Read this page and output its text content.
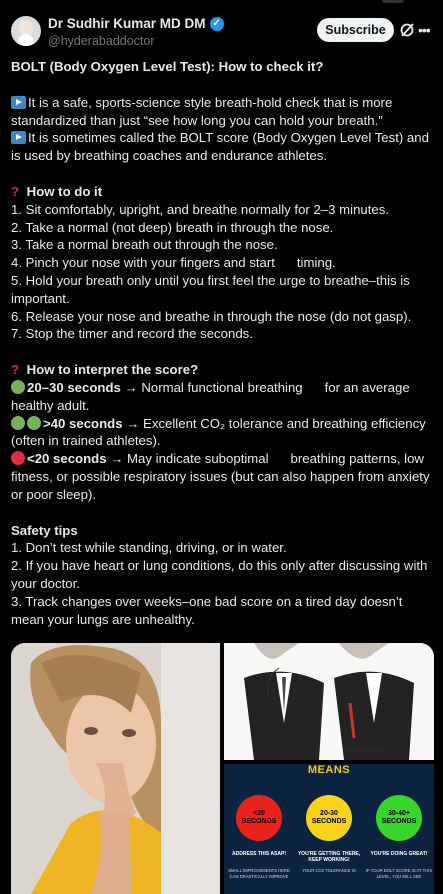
Dr Sudhir Kumar MD DM ✓
@hyderabaddoctor
Subscribe	•••

BOLT (Body Oxygen Level Test): How to check it?

It is a safe, sports-science style breath-hold check that is more standardized than just “see how long you can hold your breath.”

It is sometimes called the BOLT score (Body Oxygen Level Test) and is used by breathing coaches and endurance athletes.

? How to do it

1. Sit comfortably, upright, and breathe normally for 2–3 minutes.

2. Take a normal (not deep) breath in through the nose.

3. Take a normal breath out through the nose.

4. Pinch your nose with your fingers and start      timing.

5. Hold your breath only until you first feel the urge to breathe–this is important.

6. Release your nose and breathe in through the nose (do not gasp).

7. Stop the timer and record the seconds.

? How to interpret the score?

20–30 seconds → Normal functional breathing      for an average healthy adult.

>40 seconds → Excellent CO₂ tolerance and breathing efficiency (often in trained athletes).

<20 seconds → May indicate suboptimal      breathing patterns, low fitness, or possible respiratory issues (but can also happen from anxiety or poor sleep).

Safety tips

1. Don’t test while standing, driving, or in water.

2. If you have heart or lung conditions, do this only after discussing with your doctor.

3. Track changes over weeks–one bad score on a tired day doesn’t mean your lungs are unhealthy.

Normal breathing
MEANS
<20 SECONDS
20-30 SECONDS
30-40+ SECONDS
ADDRESS THIS ASAP!	YOU'RE GETTING THERE, KEEP WORKING!
YOU'RE DOING GREAT!
SMALL IMPROVEMENTS HERE CAN DRASTICALLY IMPROVE
YOUR CO2 TOLERANCE IS	IF YOUR BOLT SCORE IS AT THIS LEVEL, YOU WILL SEE
